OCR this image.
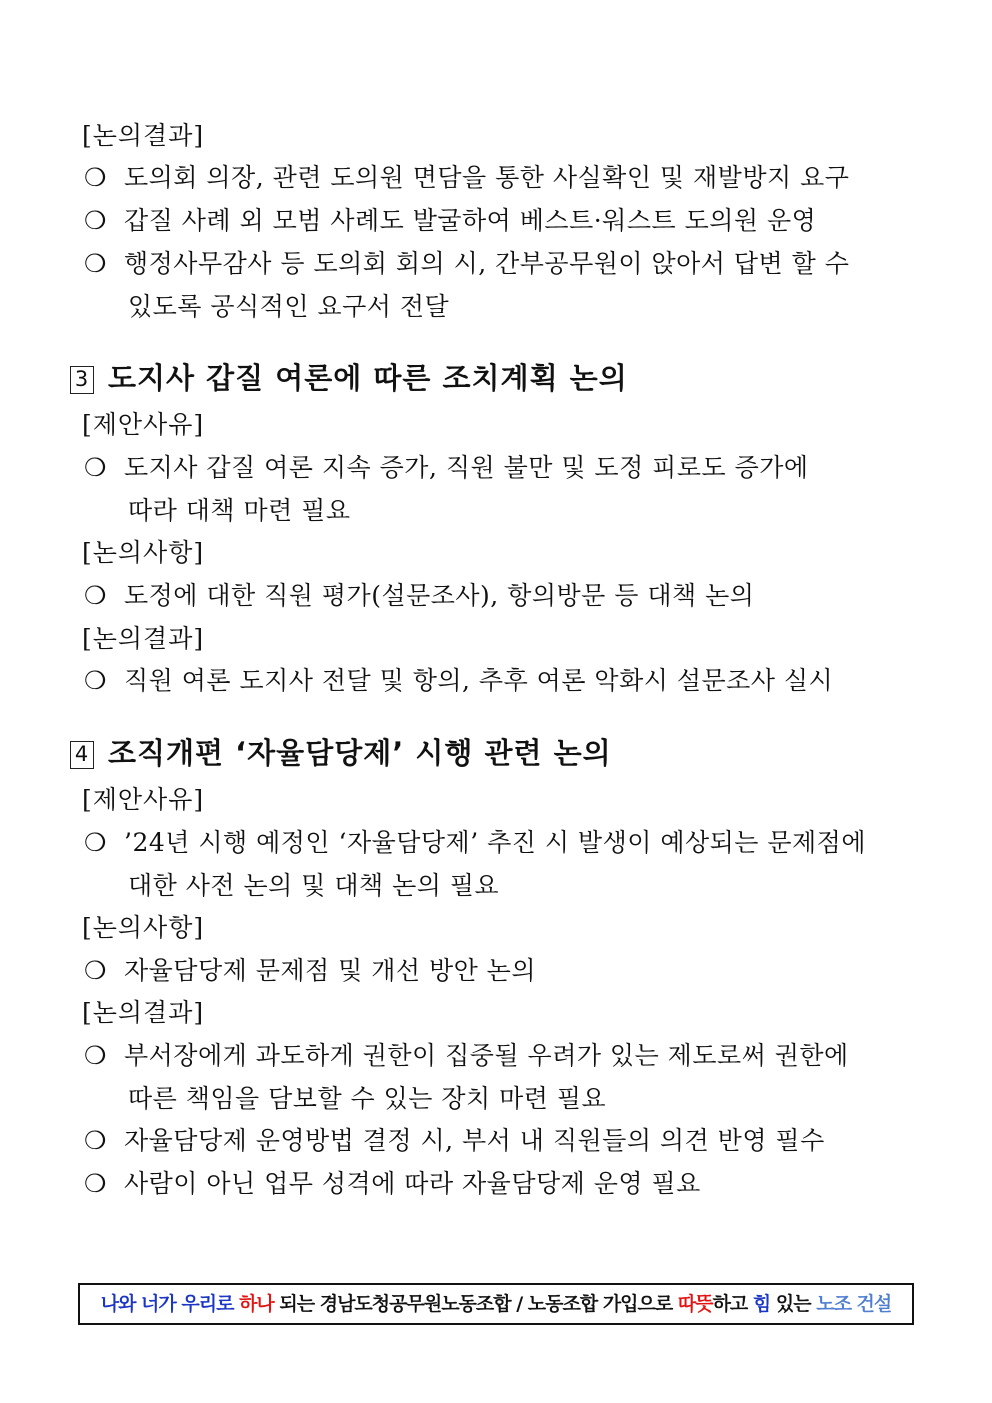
[논의결과]
❍ 도의회 의장, 관련 도의원 면담을 통한 사실확인 및 재발방지 요구
❍ 갑질 사례 외 모범 사례도 발굴하여 베스트·워스트 도의원 운영
❍ 행정사무감사 등 도의회 회의 시, 간부공무원이 앉아서 답변 할 수
있도록 공식적인 요구서 전달
3 도지사 갑질 여론에 따른 조치계획 논의
[제안사유]
❍ 도지사 갑질 여론 지속 증가, 직원 불만 및 도정 피로도 증가에
따라 대책 마련 필요
[논의사항]
❍ 도정에 대한 직원 평가(설문조사), 항의방문 등 대책 논의
[논의결과]
❍ 직원 여론 도지사 전달 및 항의, 추후 여론 악화시 설문조사 실시
4 조직개편 ‘자율담당제’ 시행 관련 논의
[제안사유]
❍ ’24년 시행 예정인 ‘자율담당제’ 추진 시 발생이 예상되는 문제점에
대한 사전 논의 및 대책 논의 필요
[논의사항]
❍ 자율담당제 문제점 및 개선 방안 논의
[논의결과]
❍ 부서장에게 과도하게 권한이 집중될 우려가 있는 제도로써 권한에
따른 책임을 담보할 수 있는 장치 마련 필요
❍ 자율담당제 운영방법 결정 시, 부서 내 직원들의 의견 반영 필수
❍ 사람이 아닌 업무 성격에 따라 자율담당제 운영 필요
나와 너가 우리로 하나 되는 경남도청공무원노동조합 / 노동조합 가입으로 따뜻하고 힘 있는 노조 건설
